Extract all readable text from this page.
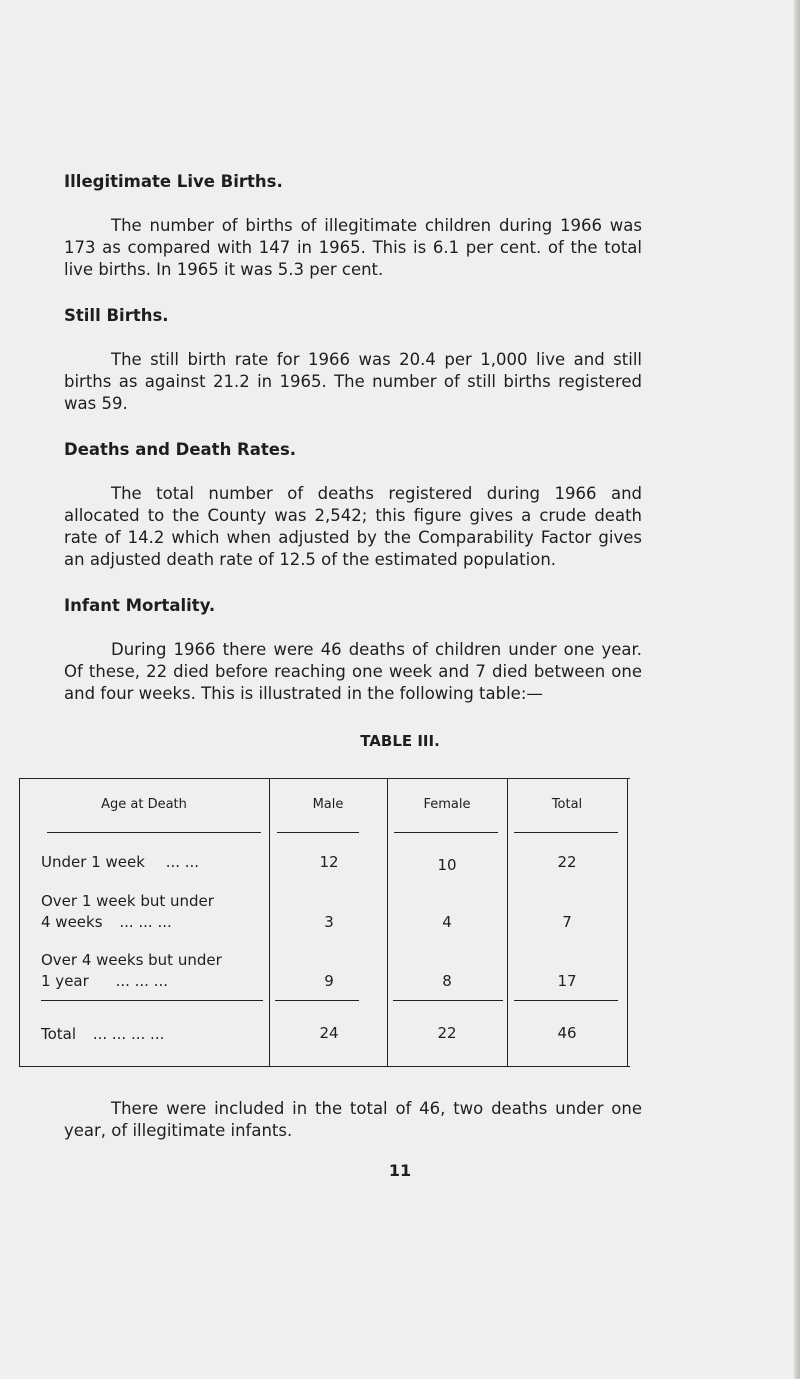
Illegitimate Live Births.

The number of births of illegitimate children during 1966 was 173 as compared with 147 in 1965. This is 6.1 per cent. of the total live births. In 1965 it was 5.3 per cent.

Still Births.

The still birth rate for 1966 was 20.4 per 1,000 live and still births as against 21.2 in 1965. The number of still births registered was 59.

Deaths and Death Rates.

The total number of deaths registered during 1966 and allocated to the County was 2,542; this figure gives a crude death rate of 14.2 which when adjusted by the Comparability Factor gives an adjusted death rate of 12.5 of the estimated population.

Infant Mortality.

During 1966 there were 46 deaths of children under one year. Of these, 22 died before reaching one week and 7 died between one and four weeks. This is illustrated in the following table:—

TABLE III.

Age at Death	Male	Female	Total
Under 1 week ... ...	12	10	22
Over 1 week but under
4 weeks ... ... ...	3	4	7
Over 4 weeks but under
1 year ... ... ...	9	8	17
Total ... ... ... ...	24	22	46

There were included in the total of 46, two deaths under one year, of illegitimate infants.

11
